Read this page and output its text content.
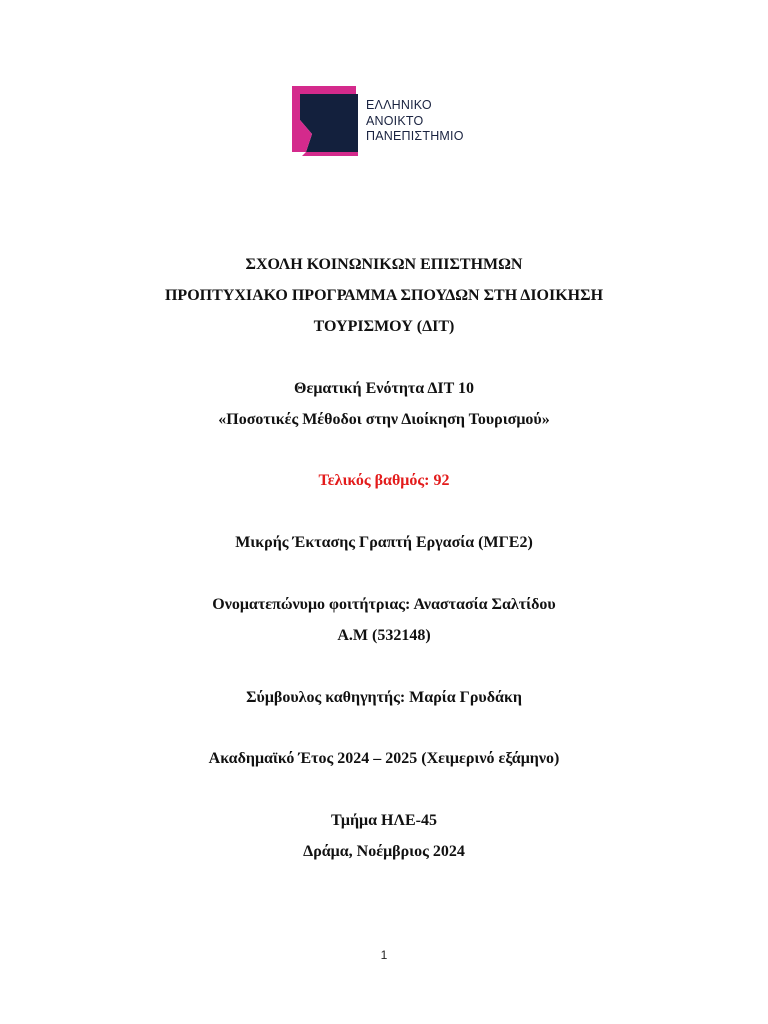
ΕΛΛΗΝΙΚΟ
ΑΝΟΙΚΤΟ
ΠΑΝΕΠΙΣΤΗΜΙΟ
ΣΧΟΛΗ ΚΟΙΝΩΝΙΚΩΝ ΕΠΙΣΤΗΜΩΝ
ΠΡΟΠΤΥΧΙΑΚΟ ΠΡΟΓΡΑΜΜΑ ΣΠΟΥΔΩΝ ΣΤΗ ΔΙΟΙΚΗΣΗ
ΤΟΥΡΙΣΜΟΥ (ΔΙΤ)
Θεματική Ενότητα ΔΙΤ 10
«Ποσοτικές Μέθοδοι στην Διοίκηση Τουρισμού»
Τελικός βαθμός: 92
Μικρής Έκτασης Γραπτή Εργασία (ΜΓΕ2)
Ονοματεπώνυμο φοιτήτριας: Αναστασία Σαλτίδου
Α.Μ (532148)
Σύμβουλος καθηγητής: Μαρία Γρυδάκη
Ακαδημαϊκό Έτος 2024 – 2025 (Χειμερινό εξάμηνο)
Τμήμα ΗΛΕ-45
Δράμα, Νοέμβριος 2024
1
